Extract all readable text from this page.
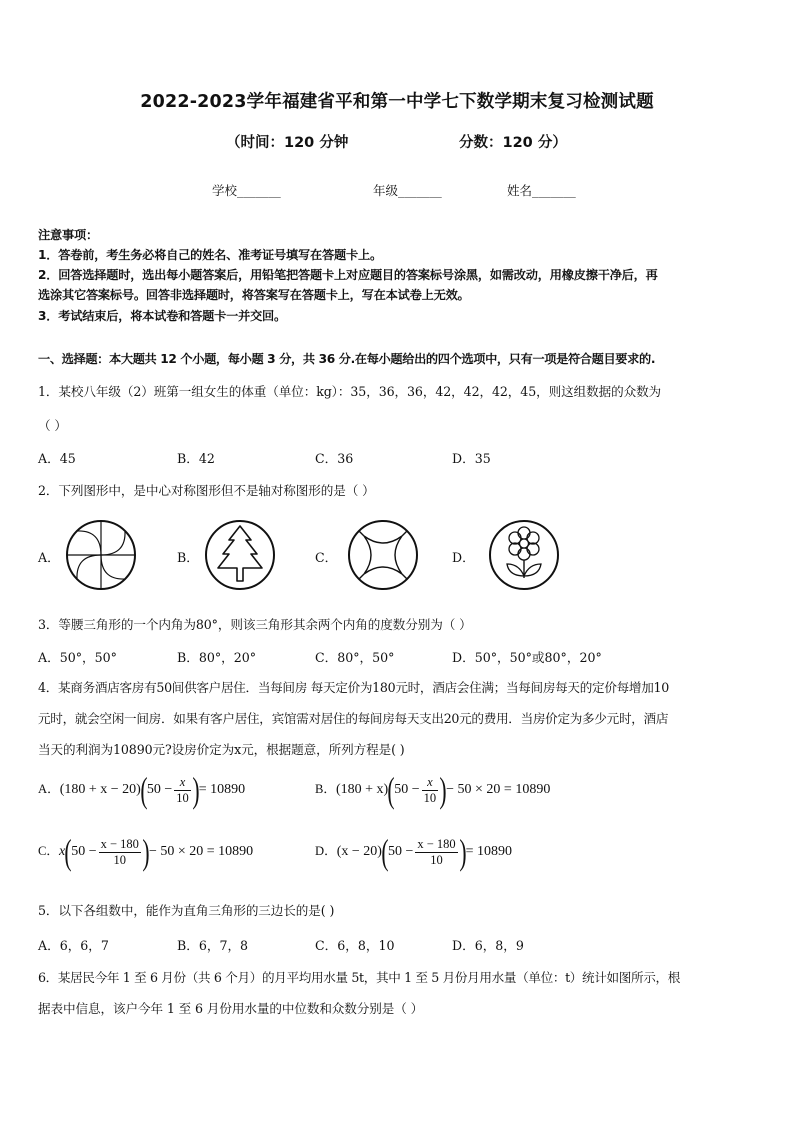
2022-2023学年福建省平和第一中学七下数学期末复习检测试题
（时间：120 分钟	分数：120 分）
学校_______	年级_______	姓名_______
注意事项：
1．答卷前，考生务必将自己的姓名、准考证号填写在答题卡上。
2．回答选择题时，选出每小题答案后，用铅笔把答题卡上对应题目的答案标号涂黑，如需改动，用橡皮擦干净后，再
选涂其它答案标号。回答非选择题时，将答案写在答题卡上，写在本试卷上无效。
3．考试结束后，将本试卷和答题卡一并交回。
一、选择题：本大题共 12 个小题，每小题 3 分，共 36 分.在每小题给出的四个选项中，只有一项是符合题目要求的.
1．某校八年级（2）班第一组女生的体重（单位：kg）：35，36，36，42，42，42，45，则这组数据的众数为
（ ）
A．45	B．42	C．36	D．35
2．下列图形中，是中心对称图形但不是轴对称图形的是（ ）
A．	B．	C．	D．
3．等腰三角形的一个内角为80°，则该三角形其余两个内角的度数分别为（ ）
A．50°，50°	B．80°，20°	C．80°，50°	D．50°，50°或80°，20°
4．某商务酒店客房有50间供客户居住．当每间房 每天定价为180元时，酒店会住满；当每间房每天的定价每增加10
元时，就会空闲一间房．如果有客户居住，宾馆需对居住的每间房每天支出20元的费用．当房价定为多少元时，酒店
当天的利润为10890元?设房价定为x元，根据题意，所列方程是( )
A．$(180 + x - 20)(50 - \frac{x}{10}$ )= 10890	B．$(180 + x)(50 - \frac{x}{10}$ )− 50 × 20 = 10890
C．$x(50 - \frac{x - 180}{10}$ )− 50 × 20 = 10890	D．$(x - 20)(50 - \frac{x - 180}{10}$ )= 10890
5．以下各组数中，能作为直角三角形的三边长的是( )
A．6，6，7	B．6，7，8	C．6，8，10	D．6，8，9
6．某居民今年 1 至 6 月份（共 6 个月）的月平均用水量 5t，其中 1 至 5 月份月用水量（单位：t）统计如图所示，根
据表中信息，该户今年 1 至 6 月份用水量的中位数和众数分别是（ ）
